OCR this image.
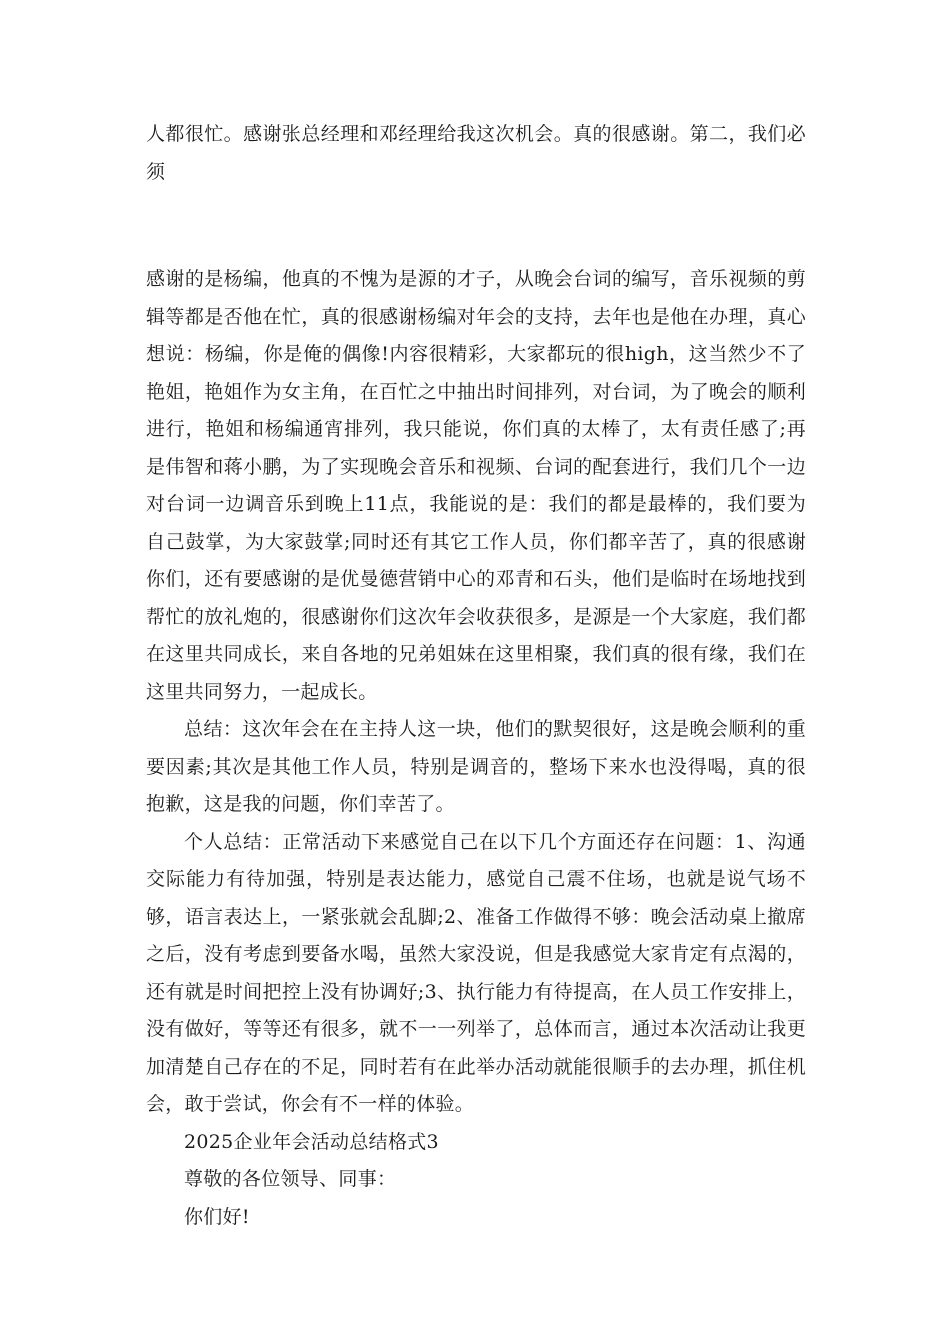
人都很忙。感谢张总经理和邓经理给我这次机会。真的很感谢。第二，我们必须

感谢的是杨编，他真的不愧为是源的才子，从晚会台词的编写，音乐视频的剪辑等都是否他在忙，真的很感谢杨编对年会的支持，去年也是他在办理，真心想说：杨编，你是俺的偶像!内容很精彩，大家都玩的很high，这当然少不了艳姐，艳姐作为女主角，在百忙之中抽出时间排列，对台词，为了晚会的顺利进行，艳姐和杨编通宵排列，我只能说，你们真的太棒了，太有责任感了;再是伟智和蒋小鹏，为了实现晚会音乐和视频、台词的配套进行，我们几个一边对台词一边调音乐到晚上11点，我能说的是：我们的都是最棒的，我们要为自己鼓掌，为大家鼓掌;同时还有其它工作人员，你们都辛苦了，真的很感谢你们，还有要感谢的是优曼德营销中心的邓青和石头，他们是临时在场地找到帮忙的放礼炮的，很感谢你们这次年会收获很多，是源是一个大家庭，我们都在这里共同成长，来自各地的兄弟姐妹在这里相聚，我们真的很有缘，我们在这里共同努力，一起成长。

总结：这次年会在在主持人这一块，他们的默契很好，这是晚会顺利的重要因素;其次是其他工作人员，特别是调音的，整场下来水也没得喝，真的很抱歉，这是我的问题，你们幸苦了。

个人总结：正常活动下来感觉自己在以下几个方面还存在问题：1、沟通交际能力有待加强，特别是表达能力，感觉自己震不住场，也就是说气场不够，语言表达上，一紧张就会乱脚;2、准备工作做得不够：晚会活动桌上撤席之后，没有考虑到要备水喝，虽然大家没说，但是我感觉大家肯定有点渴的，还有就是时间把控上没有协调好;3、执行能力有待提高，在人员工作安排上，没有做好，等等还有很多，就不一一列举了，总体而言，通过本次活动让我更加清楚自己存在的不足，同时若有在此举办活动就能很顺手的去办理，抓住机会，敢于尝试，你会有不一样的体验。

2025企业年会活动总结格式3

尊敬的各位领导、同事：

你们好!
